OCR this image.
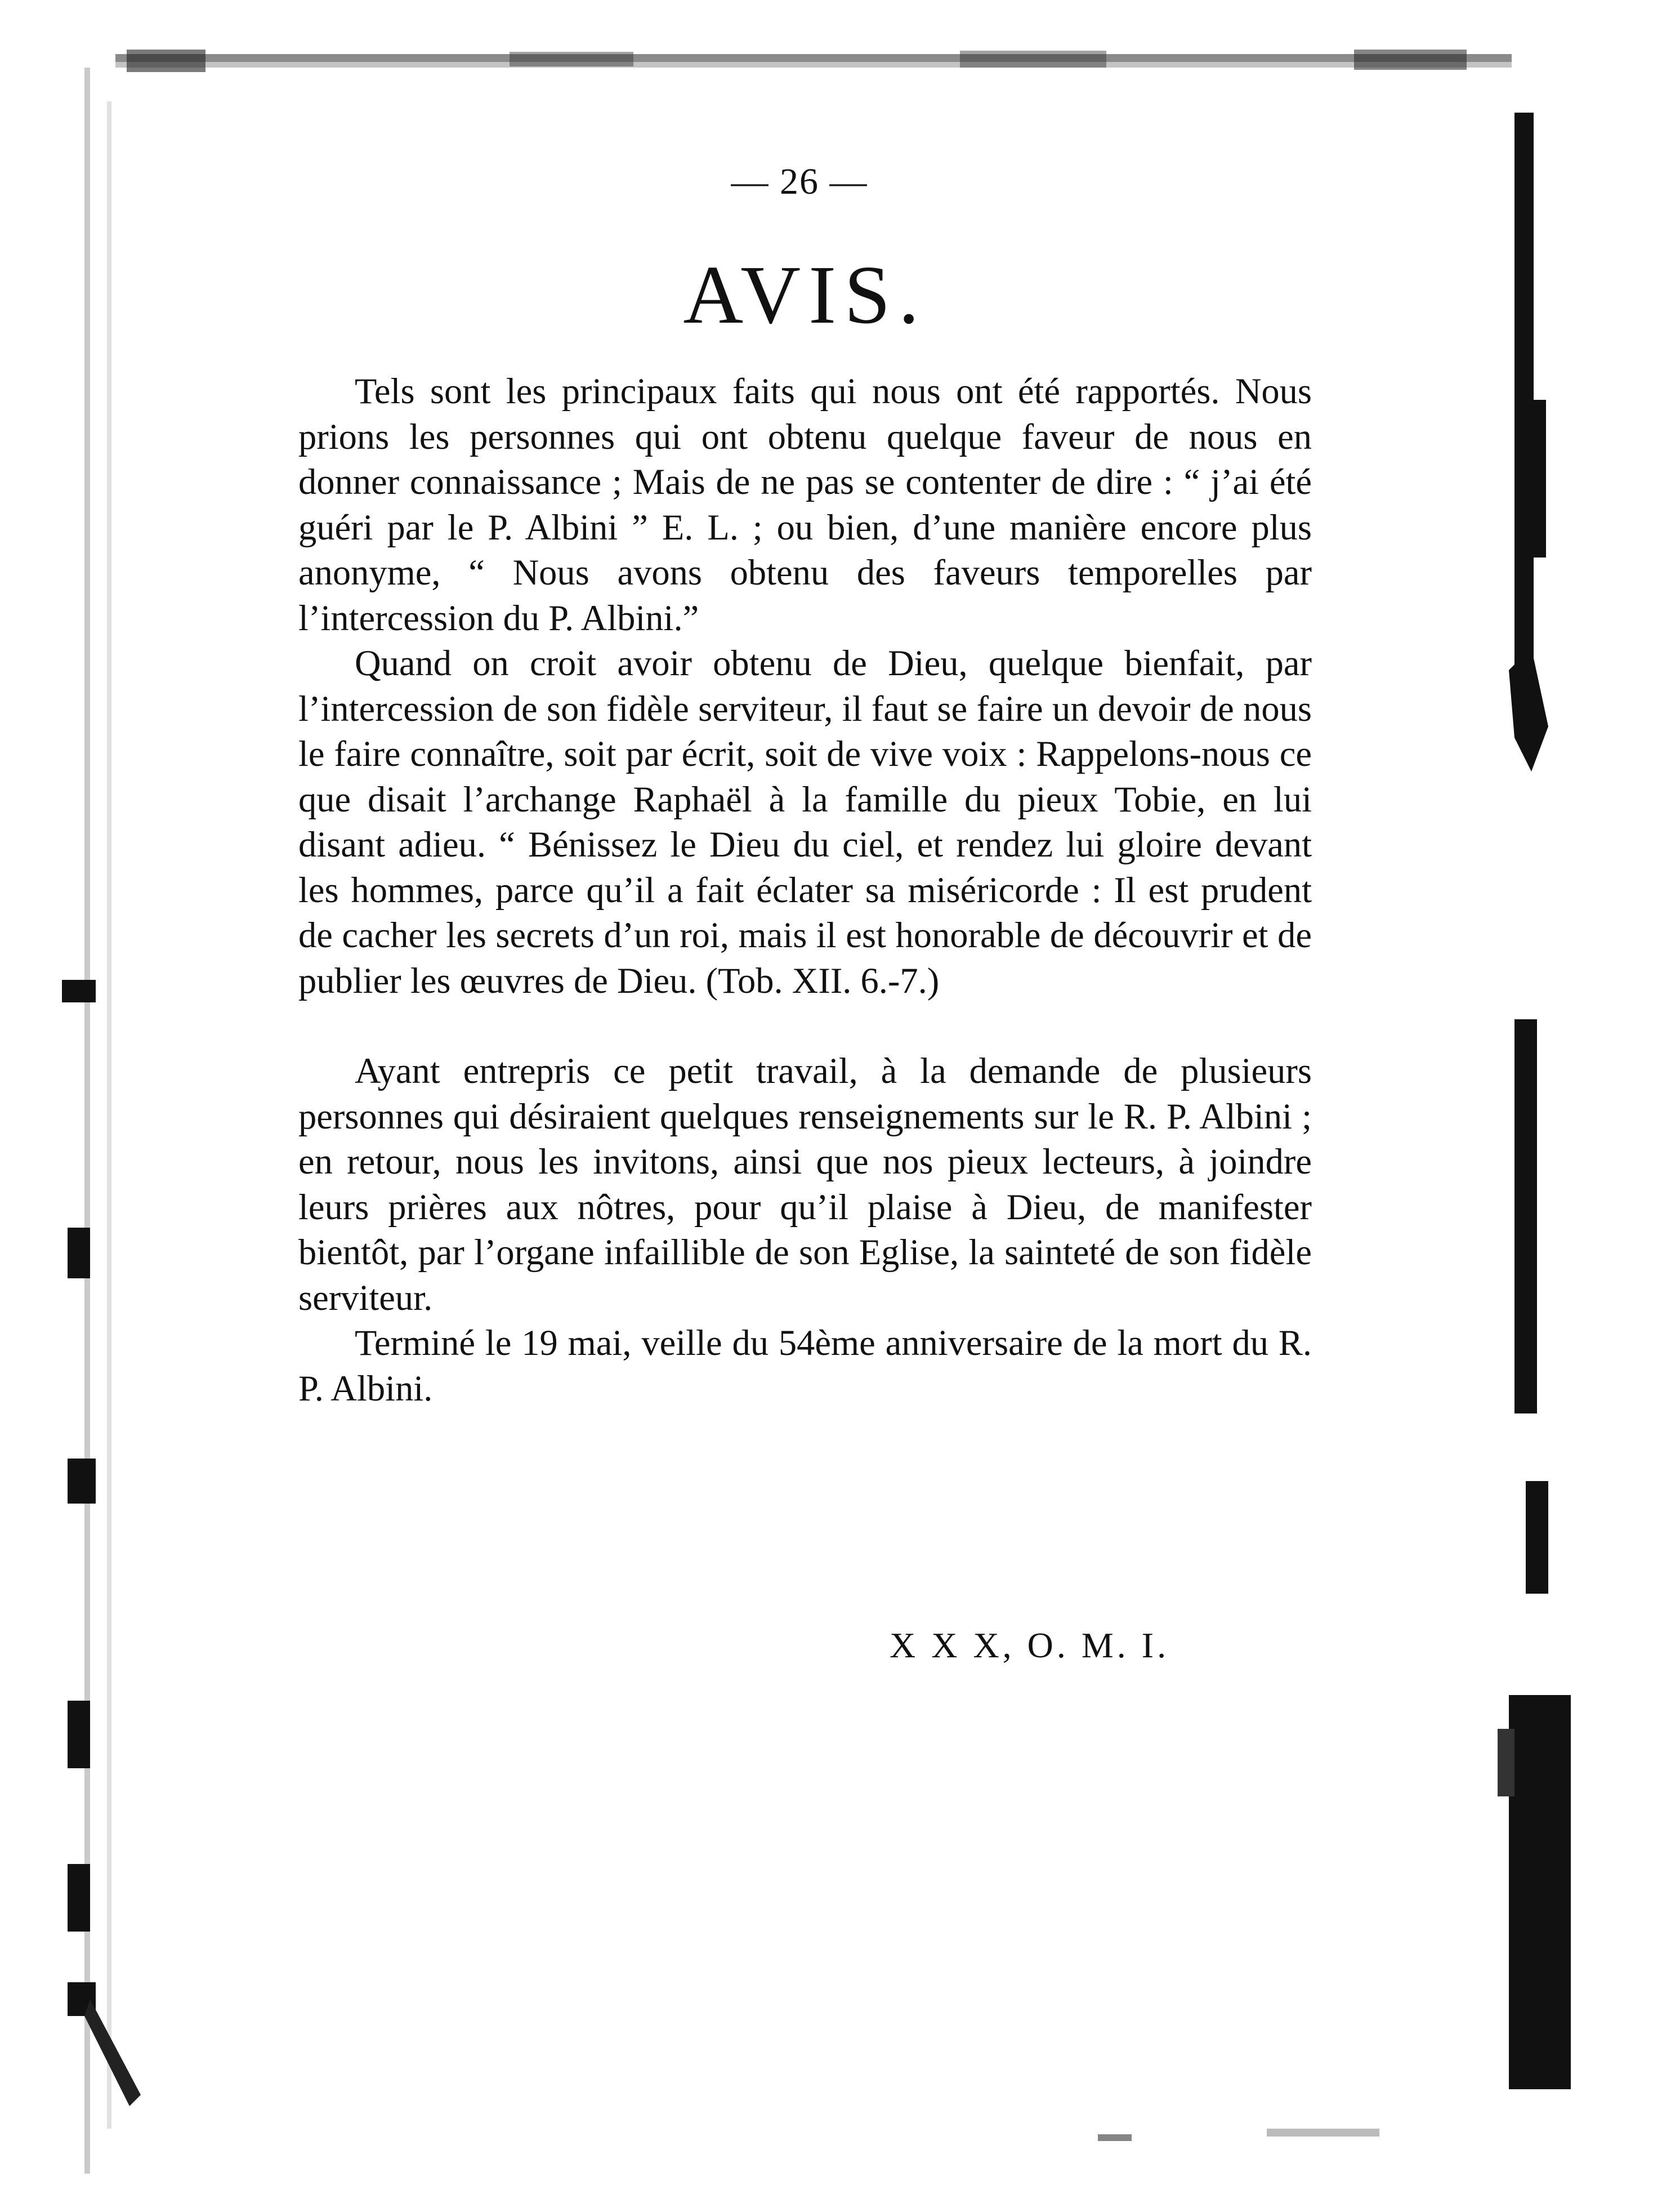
— 26 —
AVIS.

Tels sont les principaux faits qui nous ont été rapportés. Nous prions les personnes qui ont obtenu quelque faveur de nous en donner connaissance ; Mais de ne pas se contenter de dire : “ j’ai été guéri par le P. Albini ” E. L. ; ou bien, d’une manière encore plus anonyme, “ Nous avons obtenu des faveurs temporelles par l’intercession du P. Albini.”

Quand on croit avoir obtenu de Dieu, quelque bienfait, par l’intercession de son fidèle serviteur, il faut se faire un devoir de nous le faire connaître, soit par écrit, soit de vive voix : Rappelons-nous ce que disait l’archange Raphaël à la famille du pieux Tobie, en lui disant adieu. “ Bénissez le Dieu du ciel, et rendez lui gloire devant les hommes, parce qu’il a fait éclater sa miséricorde : Il est prudent de cacher les secrets d’un roi, mais il est honorable de découvrir et de publier les œuvres de Dieu. (Tob. XII. 6.-7.)

Ayant entrepris ce petit travail, à la demande de plusieurs personnes qui désiraient quelques renseignements sur le R. P. Albini ; en retour, nous les invitons, ainsi que nos pieux lecteurs, à joindre leurs prières aux nôtres, pour qu’il plaise à Dieu, de manifester bientôt, par l’organe infaillible de son Eglise, la sainteté de son fidèle serviteur.

Terminé le 19 mai, veille du 54ème anniversaire de la mort du R. P. Albini.

X X X, O. M. I.
